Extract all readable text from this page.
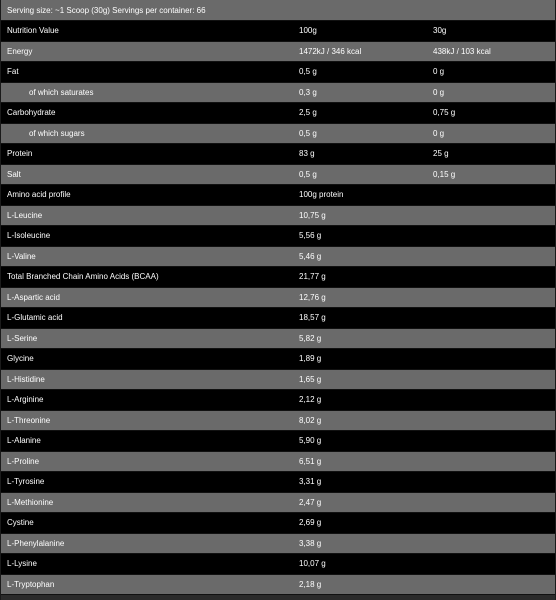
Serving size: ~1 Scoop (30g) Servings per container: 66
Nutrition Value	100g	30g
Energy	1472kJ / 346 kcal	438kJ / 103 kcal
Fat	0,5 g	0 g
of which saturates	0,3 g	0 g
Carbohydrate	2,5 g	0,75 g
of which sugars	0,5 g	0 g
Protein	83 g	25 g
Salt	0,5 g	0,15 g
Amino acid profile	100g protein
L-Leucine	10,75 g
L-Isoleucine	5,56 g
L-Valine	5,46 g
Total Branched Chain Amino Acids (BCAA)	21,77 g
L-Aspartic acid	12,76 g
L-Glutamic acid	18,57 g
L-Serine	5,82 g
Glycine	1,89 g
L-Histidine	1,65 g
L-Arginine	2,12 g
L-Threonine	8,02 g
L-Alanine	5,90 g
L-Proline	6,51 g
L-Tyrosine	3,31 g
L-Methionine	2,47 g
Cystine	2,69 g
L-Phenylalanine	3,38 g
L-Lysine	10,07 g
L-Tryptophan	2,18 g
